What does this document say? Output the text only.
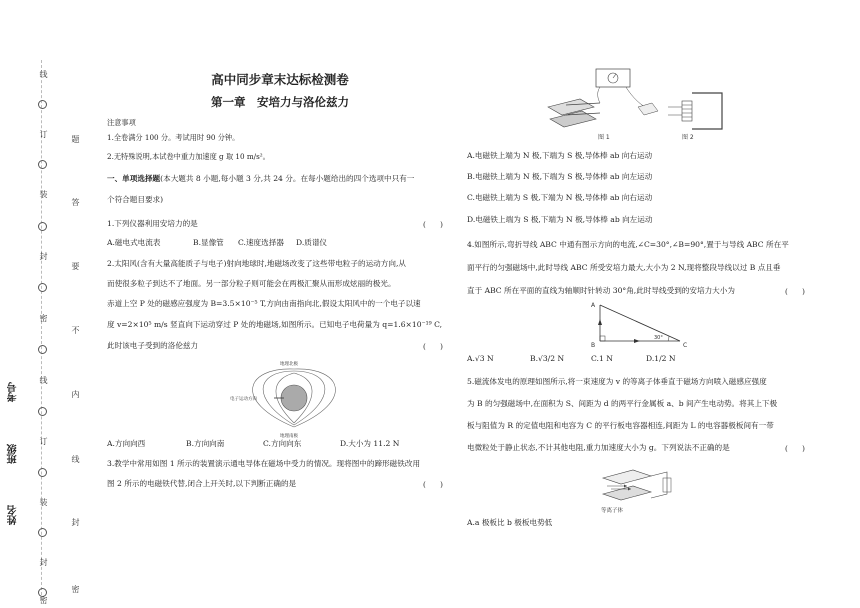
线
订
装
封
密
线
订
装
封
密
题
答
要
不
内
线
封
密
考号
班级
姓名
高中同步章末达标检测卷
第一章　安培力与洛伦兹力
注意事项
1.全卷满分 100 分。考试用时 90 分钟。
2.无特殊说明,本试卷中重力加速度 g 取 10 m/s²。
一、单项选择题(本大题共 8 小题,每小题 3 分,共 24 分。在每小题给出的四个选项中只有一
个符合题目要求)
1.下列仪器利用安培力的是	(　　)
A.磁电式电流表	B.显像管 C.速度选择器 D.质谱仪
2.太阳风(含有大量高能质子与电子)射向地球时,地磁场改变了这些带电粒子的运动方向,从
而使很多粒子到达不了地面。另一部分粒子则可能会在两极汇聚从而形成炫丽的极光。
赤道上空 P 处的磁感应强度为 B=3.5×10⁻⁵ T,方向由南指向北,假设太阳风中的一个电子以速
度 v=2×10⁵ m/s 竖直向下运动穿过 P 处的地磁场,如图所示。已知电子电荷量为 q=1.6×10⁻¹⁹ C,
此时该电子受到的洛伦兹力	(　　)
地理北极
电子运动方向
地理南极
A.方向向西	B.方向向南	C.方向向东	D.大小为 11.2 N
3.教学中常用如图 1 所示的装置演示通电导体在磁场中受力的情况。现将图中的蹄形磁铁改用
图 2 所示的电磁铁代替,闭合上开关时,以下判断正确的是	(　　)
图 1	图 2
A.电磁铁上端为 N 极,下端为 S 极,导体棒 ab 向右运动
B.电磁铁上端为 N 极,下端为 S 极,导体棒 ab 向左运动
C.电磁铁上端为 S 极,下端为 N 极,导体棒 ab 向右运动
D.电磁铁上端为 S 极,下端为 N 极,导体棒 ab 向左运动
4.如图所示,弯折导线 ABC 中通有图示方向的电流,∠C=30°,∠B=90°,置于与导线 ABC 所在平
面平行的匀强磁场中,此时导线 ABC 所受安培力最大,大小为 2 N,现将整段导线以过 B 点且垂
直于 ABC 所在平面的直线为轴顺时针转动 30°角,此时导线受到的安培力大小为	(　　)
A
B	C
30°
A.√3 N	B.√3/2 N	C.1 N	D.1/2 N
5.磁流体发电的原理如图所示,将一束速度为 v 的等离子体垂直于磁场方向喷入磁感应强度
为 B 的匀强磁场中,在面积为 S、间距为 d 的两平行金属板 a、b 间产生电动势。将其上下极
板与阻值为 R 的定值电阻和电容为 C 的平行板电容器相连,间距为 L 的电容器极板间有一带
电微粒处于静止状态,不计其他电阻,重力加速度大小为 g。下列说法不正确的是	(　　)
等离子体
A.a 极板比 b 极板电势低
